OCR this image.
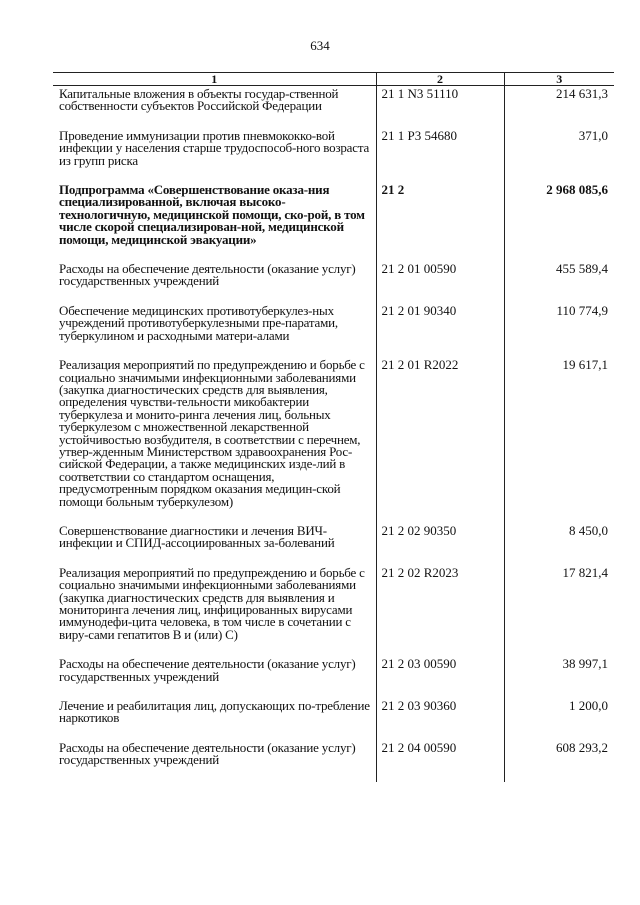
634
1	2	3
Капитальные вложения в объекты государ-ственной собственности субъектов Российской Федерации	21 1 N3 51110	214 631,3
Проведение иммунизации против пневмококко-вой инфекции у населения старше трудоспособ-ного возраста из групп риска	21 1 P3 54680	371,0
Подпрограмма «Совершенствование оказа-ния специализированной, включая высоко-технологичную, медицинской помощи, ско-рой, в том числе скорой специализирован-ной, медицинской помощи, медицинской эвакуации»	21 2	2 968 085,6
Расходы на обеспечение деятельности (оказание услуг) государственных учреждений	21 2 01 00590	455 589,4
Обеспечение медицинских противотуберкулез-ных учреждений противотуберкулезными пре-паратами, туберкулином и расходными матери-алами	21 2 01 90340	110 774,9
Реализация мероприятий по предупреждению и борьбе с социально значимыми инфекционными заболеваниями (закупка диагностических средств для выявления, определения чувстви-тельности микобактерии туберкулеза и монито-ринга лечения лиц, больных туберкулезом с множественной лекарственной устойчивостью возбудителя, в соответствии с перечнем, утвер-жденным Министерством здравоохранения Рос-сийской Федерации, а также медицинских изде-лий в соответствии со стандартом оснащения, предусмотренным порядком оказания медицин-ской помощи больным туберкулезом)	21 2 01 R2022	19 617,1
Совершенствование диагностики и лечения ВИЧ-инфекции и СПИД-ассоциированных за-болеваний	21 2 02 90350	8 450,0
Реализация мероприятий по предупреждению и борьбе с социально значимыми инфекционными заболеваниями (закупка диагностических средств для выявления и мониторинга лечения лиц, инфицированных вирусами иммунодефи-цита человека, в том числе в сочетании с виру-сами гепатитов В и (или) С)	21 2 02 R2023	17 821,4
Расходы на обеспечение деятельности (оказание услуг) государственных учреждений	21 2 03 00590	38 997,1
Лечение и реабилитация лиц, допускающих по-требление наркотиков	21 2 03 90360	1 200,0
Расходы на обеспечение деятельности (оказание услуг) государственных учреждений	21 2 04 00590	608 293,2
